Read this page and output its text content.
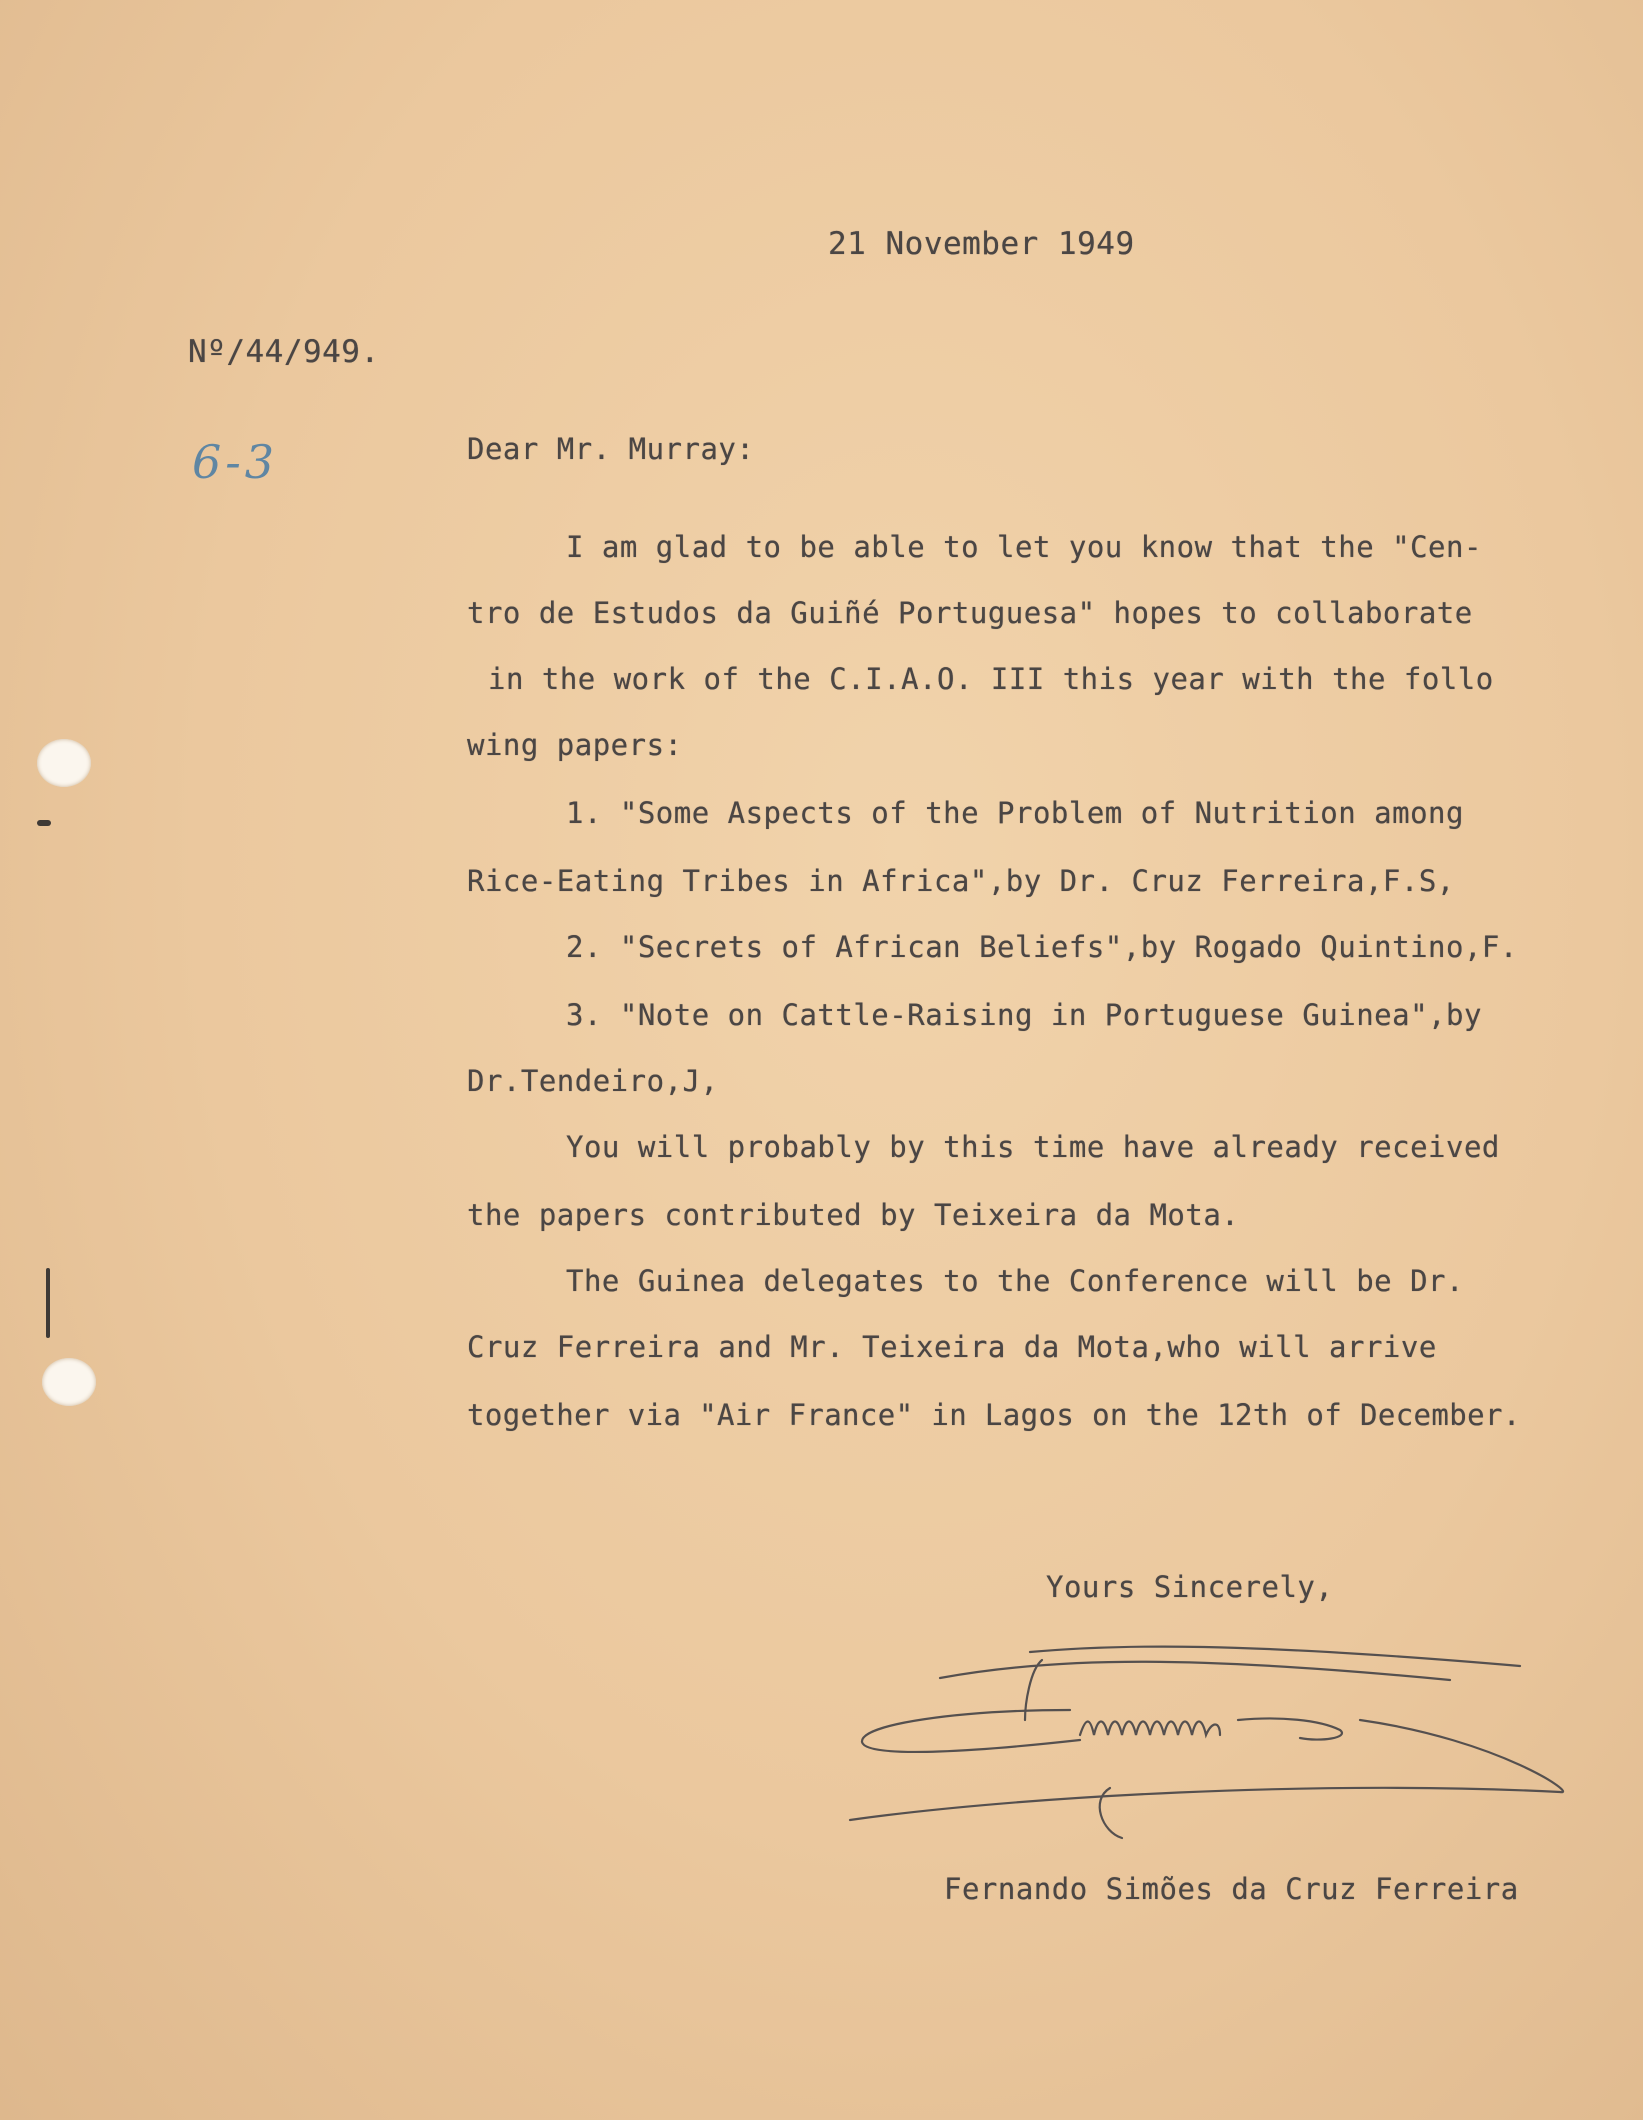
21 November 1949
Nº/44/949.
6-3	Dear Mr. Murray:
I am glad to be able to let you know that the "Cen-
tro de Estudos da Guiñé Portuguesa" hopes to collaborate
in the work of the C.I.A.O. III this year with the follo
wing papers:
1. "Some Aspects of the Problem of Nutrition among
Rice-Eating Tribes in Africa",by Dr. Cruz Ferreira,F.S,
2. "Secrets of African Beliefs",by Rogado Quintino,F.
3. "Note on Cattle-Raising in Portuguese Guinea",by
Dr.Tendeiro,J,
You will probably by this time have already received
the papers contributed by Teixeira da Mota.
The Guinea delegates to the Conference will be Dr.
Cruz Ferreira and Mr. Teixeira da Mota,who will arrive
together via "Air France" in Lagos on the 12th of December.
Yours Sincerely,
Fernando Simões da Cruz Ferreira
